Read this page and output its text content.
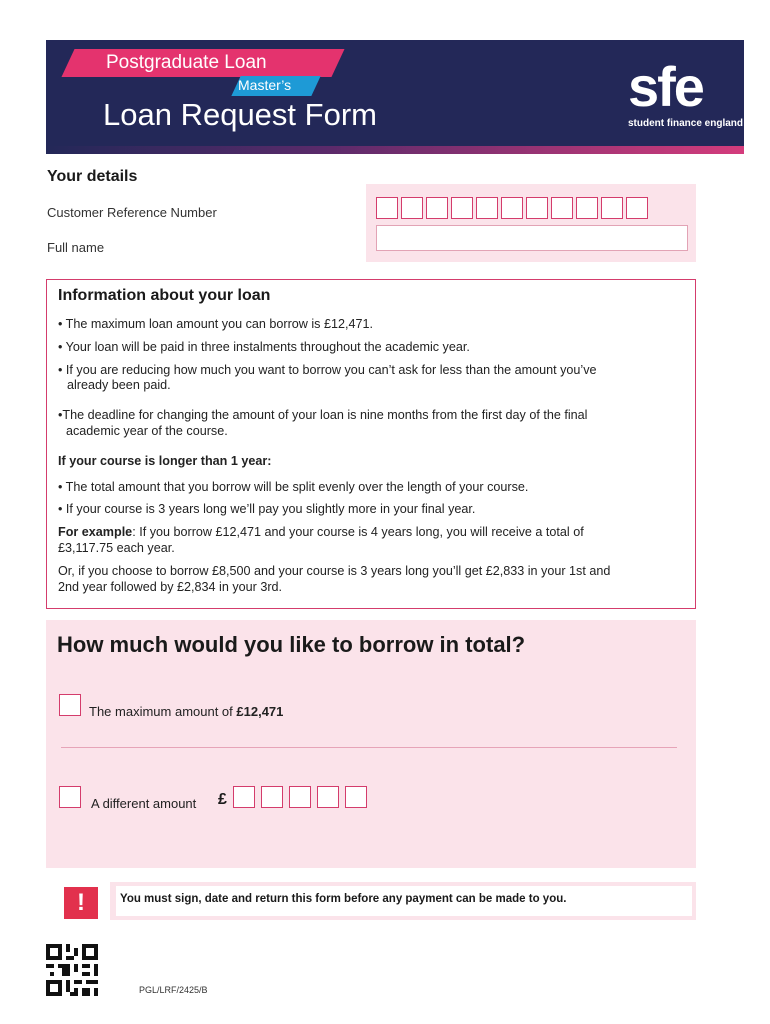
Postgraduate Loan
Master’s
Loan Request Form	sfe
student finance england
Your details
Customer Reference Number
Full name
Information about your loan
• The maximum loan amount you can borrow is £12,471.
• Your loan will be paid in three instalments throughout the academic year.
• If you are reducing how much you want to borrow you can’t ask for less than the amount you’ve
already been paid.
•The deadline for changing the amount of your loan is nine months from the first day of the final
academic year of the course.
If your course is longer than 1 year:
• The total amount that you borrow will be split evenly over the length of your course.
• If your course is 3 years long we’ll pay you slightly more in your final year.
For example: If you borrow £12,471 and your course is 4 years long, you will receive a total of
£3,117.75 each year.
Or, if you choose to borrow £8,500 and your course is 3 years long you’ll get £2,833 in your 1st and
2nd year followed by £2,834 in your 3rd.
How much would you like to borrow in total?
The maximum amount of £12,471
A different amount £
!	You must sign, date and return this form before any payment can be made to you.
PGL/LRF/2425/B
